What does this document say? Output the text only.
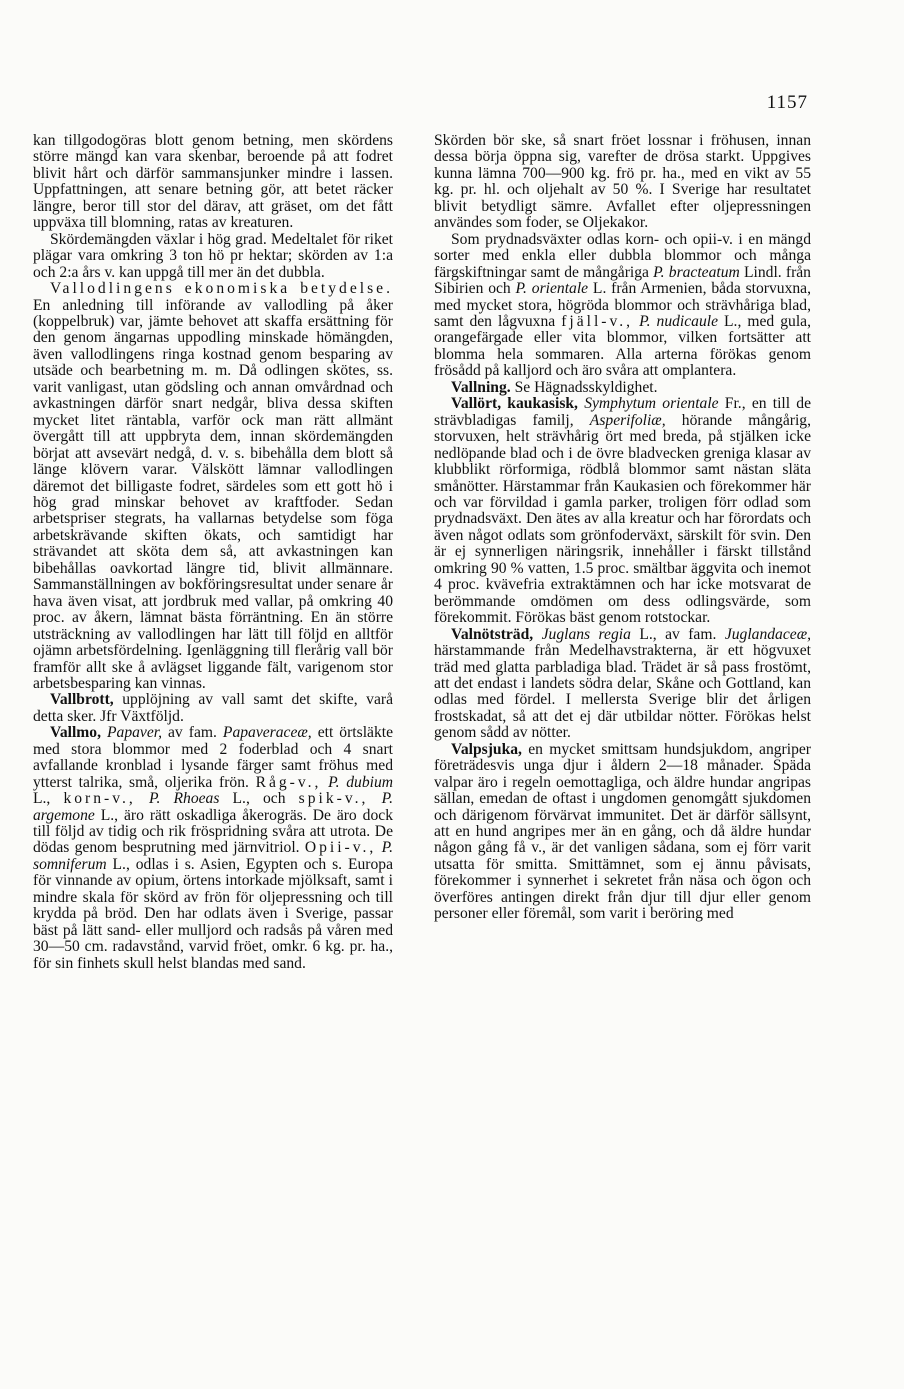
1157

kan tillgodogöras blott genom betning, men skördens större mängd kan vara skenbar, beroende på att fodret blivit hårt och därför sammansjunker mindre i lassen. Uppfattningen, att senare betning gör, att betet räcker längre, beror till stor del därav, att gräset, om det fått uppväxa till blomning, ratas av kreaturen.

Skördemängden växlar i hög grad. Medeltalet för riket plägar vara omkring 3 ton hö pr hektar; skörden av 1:a och 2:a års v. kan uppgå till mer än det dubbla.

Vallodlingens ekonomiska betydelse. En anledning till införande av vallodling på åker (koppelbruk) var, jämte behovet att skaffa ersättning för den genom ängarnas uppodling minskade hömängden, även vallodlingens ringa kostnad genom besparing av utsäde och bearbetning m. m. Då odlingen skötes, ss. varit vanligast, utan gödsling och annan omvårdnad och avkastningen därför snart nedgår, bliva dessa skiften mycket litet räntabla, varför ock man rätt allmänt övergått till att uppbryta dem, innan skördemängden börjat att avsevärt nedgå, d. v. s. bibehålla dem blott så länge klövern varar. Välskött lämnar vallodlingen däremot det billigaste fodret, särdeles som ett gott hö i hög grad minskar behovet av kraftfoder. Sedan arbetspriser stegrats, ha vallarnas betydelse som föga arbetskrävande skiften ökats, och samtidigt har strävandet att sköta dem så, att avkastningen kan bibehållas oavkortad längre tid, blivit allmännare. Sammanställningen av bokföringsresultat under senare år hava även visat, att jordbruk med vallar, på omkring 40 proc. av åkern, lämnat bästa förräntning. En än större utsträckning av vallodlingen har lätt till följd en alltför ojämn arbetsfördelning. Igenläggning till flerårig vall bör framför allt ske å avlägset liggande fält, varigenom stor arbetsbesparing kan vinnas.

Vallbrott, upplöjning av vall samt det skifte, varå detta sker. Jfr Växtföljd.

Vallmo, Papaver, av fam. Papaveraceæ, ett örtsläkte med stora blommor med 2 foderblad och 4 snart avfallande kronblad i lysande färger samt fröhus med ytterst talrika, små, oljerika frön. Råg-v., P. dubium L., korn-v., P. Rhoeas L., och spik-v., P. argemone L., äro rätt oskadliga åkerogräs. De äro dock till följd av tidig och rik fröspridning svåra att utrota. De dödas genom besprutning med järnvitriol. Opii-v., P. somniferum L., odlas i s. Asien, Egypten och s. Europa för vinnande av opium, örtens intorkade mjölksaft, samt i mindre skala för skörd av frön för oljepressning och till krydda på bröd. Den har odlats även i Sverige, passar bäst på lätt sand- eller mulljord och radsås på våren med 30—50 cm. radavstånd, varvid fröet, omkr. 6 kg. pr. ha., för sin finhets skull helst blandas med sand.

Skörden bör ske, så snart fröet lossnar i fröhusen, innan dessa börja öppna sig, varefter de drösa starkt. Uppgives kunna lämna 700—900 kg. frö pr. ha., med en vikt av 55 kg. pr. hl. och oljehalt av 50 %. I Sverige har resultatet blivit betydligt sämre. Avfallet efter oljepressningen användes som foder, se Oljekakor.

Som prydnadsväxter odlas korn- och opii-v. i en mängd sorter med enkla eller dubbla blommor och många färgskiftningar samt de mångåriga P. bracteatum Lindl. från Sibirien och P. orientale L. från Armenien, båda storvuxna, med mycket stora, högröda blommor och strävhåriga blad, samt den lågvuxna fjäll-v., P. nudicaule L., med gula, orangefärgade eller vita blommor, vilken fortsätter att blomma hela sommaren. Alla arterna förökas genom frösådd på kalljord och äro svåra att omplantera.

Vallning. Se Hägnadsskyldighet.

Vallört, kaukasisk, Symphytum orientale Fr., en till de strävbladigas familj, Asperifoliæ, hörande mångårig, storvuxen, helt strävhårig ört med breda, på stjälken icke nedlöpande blad och i de övre bladvecken greniga klasar av klubblikt rörformiga, rödblå blommor samt nästan släta smånötter. Härstammar från Kaukasien och förekommer här och var förvildad i gamla parker, troligen förr odlad som prydnadsväxt. Den ätes av alla kreatur och har förordats och även något odlats som grönfoderväxt, särskilt för svin. Den är ej synnerligen näringsrik, innehåller i färskt tillstånd omkring 90 % vatten, 1.5 proc. smältbar äggvita och inemot 4 proc. kvävefria extraktämnen och har icke motsvarat de berömmande omdömen om dess odlingsvärde, som förekommit. Förökas bäst genom rotstockar.

Valnötsträd, Juglans regia L., av fam. Juglandaceæ, härstammande från Medelhavstrakterna, är ett högvuxet träd med glatta parbladiga blad. Trädet är så pass frostömt, att det endast i landets södra delar, Skåne och Gottland, kan odlas med fördel. I mellersta Sverige blir det årligen frostskadat, så att det ej där utbildar nötter. Förökas helst genom sådd av nötter.

Valpsjuka, en mycket smittsam hundsjukdom, angriper företrädesvis unga djur i åldern 2—18 månader. Späda valpar äro i regeln oemottagliga, och äldre hundar angripas sällan, emedan de oftast i ungdomen genomgått sjukdomen och därigenom förvärvat immunitet. Det är därför sällsynt, att en hund angripes mer än en gång, och då äldre hundar någon gång få v., är det vanligen sådana, som ej förr varit utsatta för smitta. Smittämnet, som ej ännu påvisats, förekommer i synnerhet i sekretet från näsa och ögon och överföres antingen direkt från djur till djur eller genom personer eller föremål, som varit i beröring med
